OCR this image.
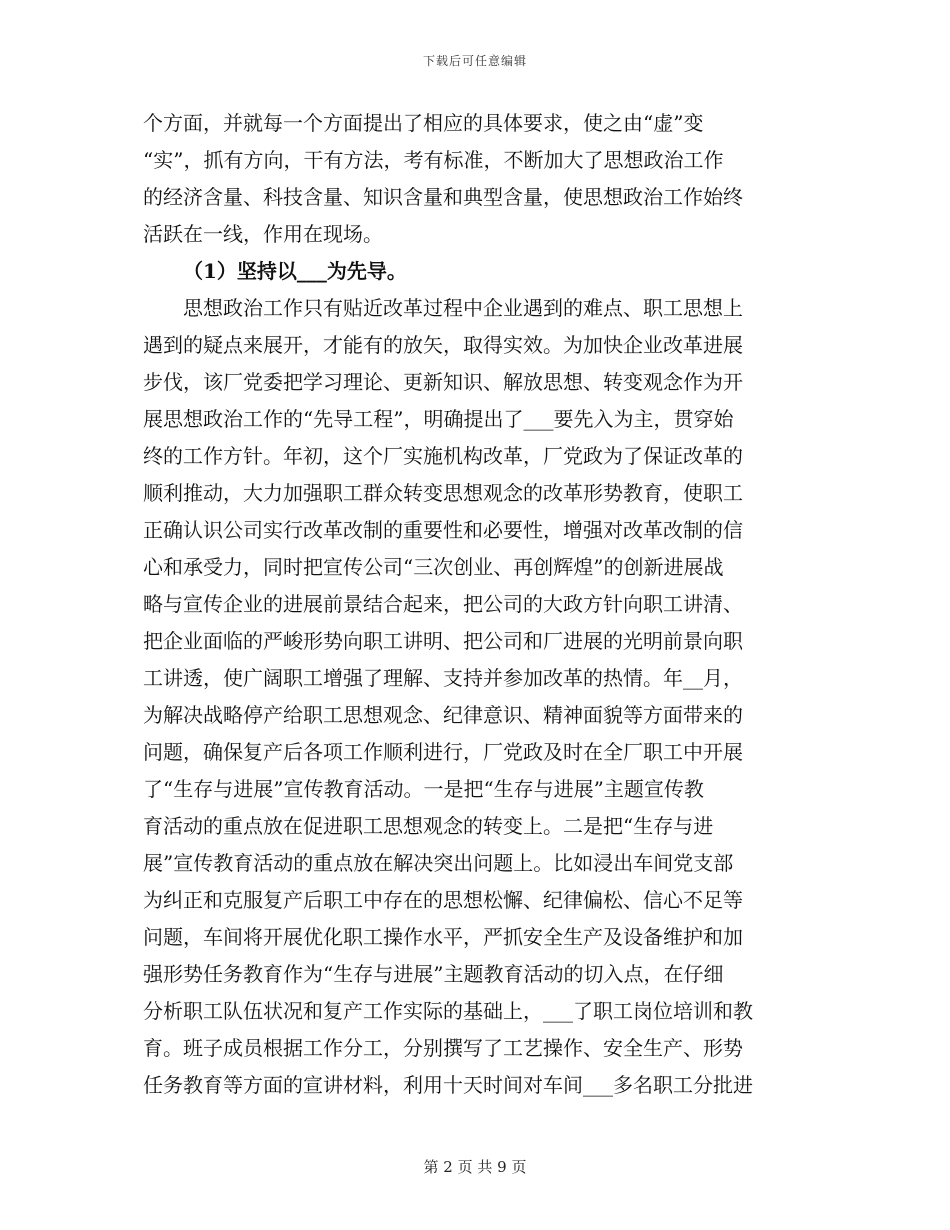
下载后可任意编辑
个方面，并就每一个方面提出了相应的具体要求，使之由“虚”变
“实”，抓有方向，干有方法，考有标准，不断加大了思想政治工作
的经济含量、科技含量、知识含量和典型含量，使思想政治工作始终
活跃在一线，作用在现场。
（1）坚持以___为先导。
　　思想政治工作只有贴近改革过程中企业遇到的难点、职工思想上
遇到的疑点来展开，才能有的放矢，取得实效。为加快企业改革进展
步伐，该厂党委把学习理论、更新知识、解放思想、转变观念作为开
展思想政治工作的“先导工程”，明确提出了___要先入为主，贯穿始
终的工作方针。年初，这个厂实施机构改革，厂党政为了保证改革的
顺利推动，大力加强职工群众转变思想观念的改革形势教育，使职工
正确认识公司实行改革改制的重要性和必要性，增强对改革改制的信
心和承受力，同时把宣传公司“三次创业、再创辉煌”的创新进展战
略与宣传企业的进展前景结合起来，把公司的大政方针向职工讲清、
把企业面临的严峻形势向职工讲明、把公司和厂进展的光明前景向职
工讲透，使广阔职工增强了理解、支持并参加改革的热情。年__月，
为解决战略停产给职工思想观念、纪律意识、精神面貌等方面带来的
问题，确保复产后各项工作顺利进行，厂党政及时在全厂职工中开展
了“生存与进展”宣传教育活动。一是把“生存与进展”主题宣传教
育活动的重点放在促进职工思想观念的转变上。二是把“生存与进
展”宣传教育活动的重点放在解决突出问题上。比如浸出车间党支部
为纠正和克服复产后职工中存在的思想松懈、纪律偏松、信心不足等
问题，车间将开展优化职工操作水平，严抓安全生产及设备维护和加
强形势任务教育作为“生存与进展”主题教育活动的切入点，在仔细
分析职工队伍状况和复产工作实际的基础上，___了职工岗位培训和教
育。班子成员根据工作分工，分别撰写了工艺操作、安全生产、形势
任务教育等方面的宣讲材料，利用十天时间对车间___多名职工分批进
第 2 页 共 9 页
